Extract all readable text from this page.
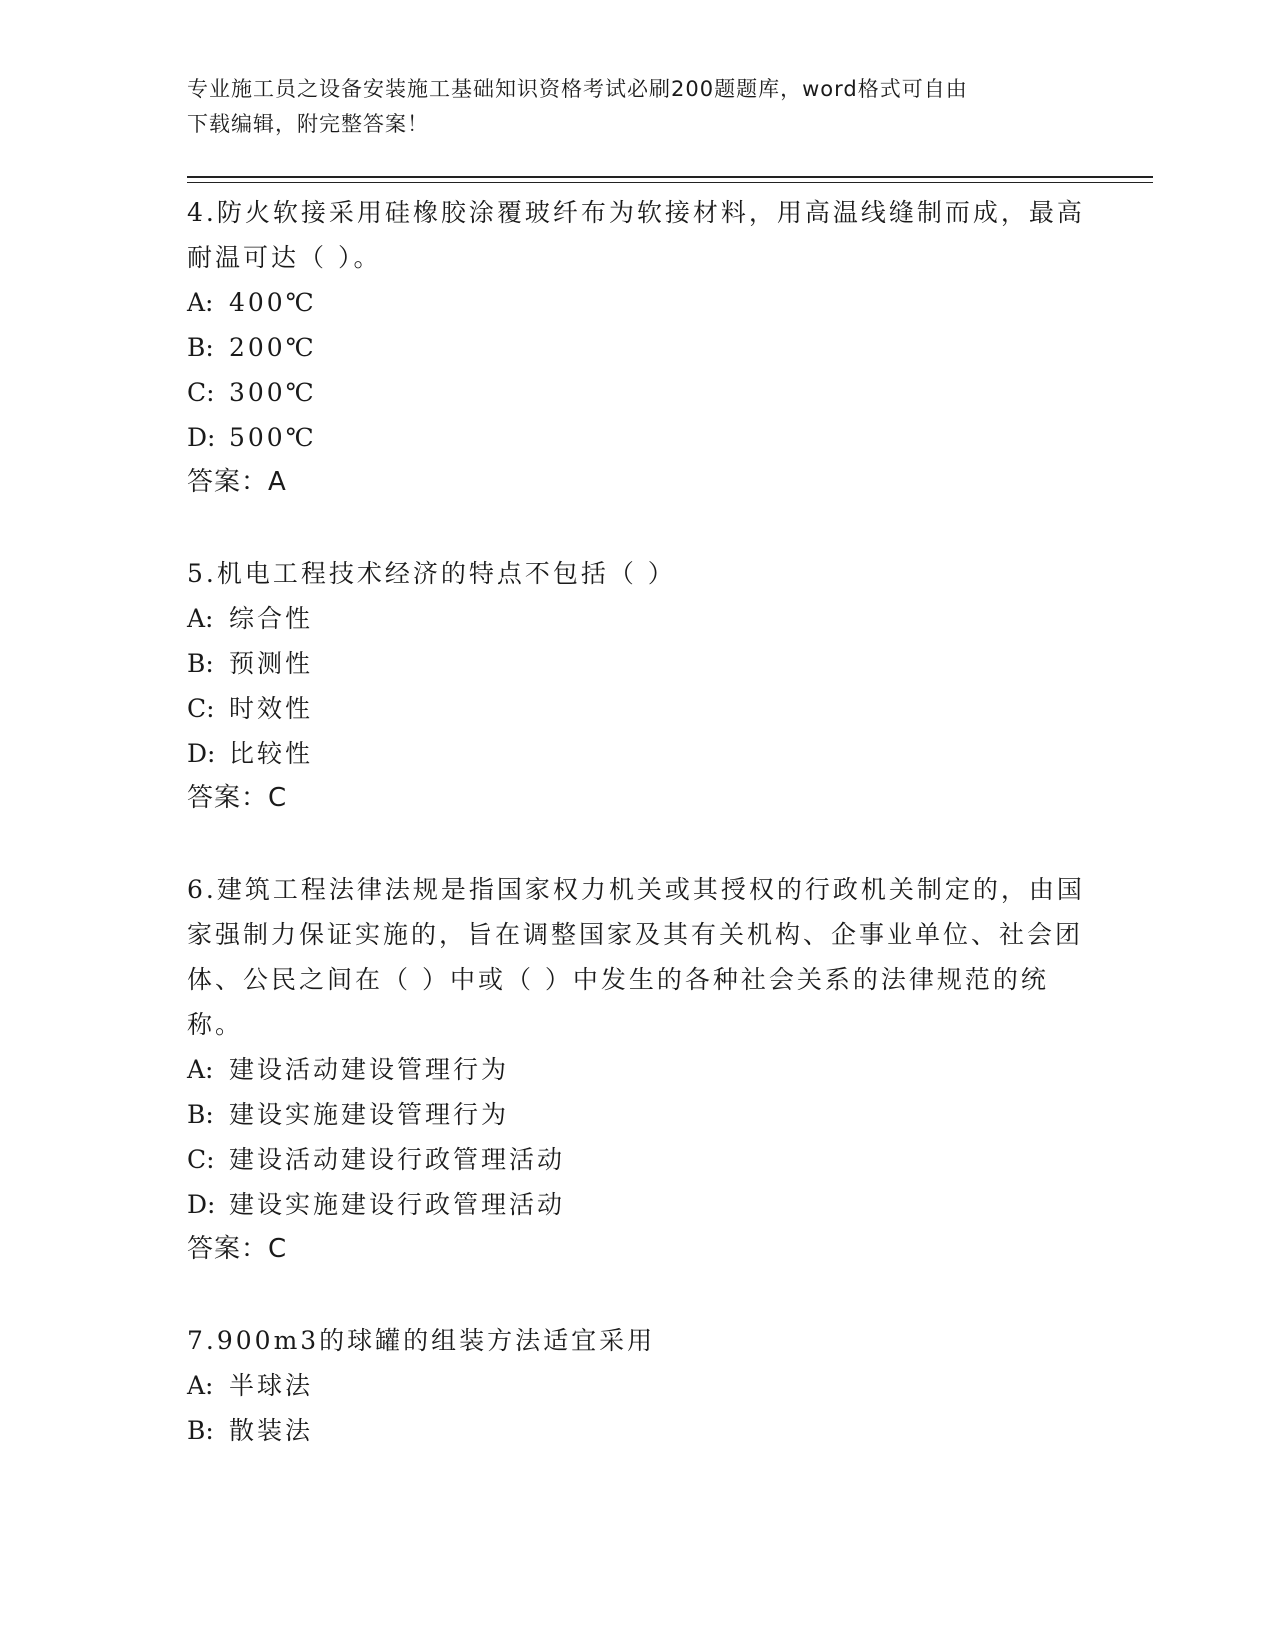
专业施工员之设备安装施工基础知识资格考试必刷200题题库，word格式可自由
下载编辑，附完整答案！

4.防火软接采用硅橡胶涂覆玻纤布为软接材料，用高温线缝制而成，最高耐温可达（ ）。

A: 400℃
B: 200℃
C: 300℃
D: 500℃
答案：A

5.机电工程技术经济的特点不包括（ ）

A: 综合性
B: 预测性
C: 时效性
D: 比较性
答案：C

6.建筑工程法律法规是指国家权力机关或其授权的行政机关制定的，由国家强制力保证实施的，旨在调整国家及其有关机构、企事业单位、社会团体、公民之间在（ ）中或（ ）中发生的各种社会关系的法律规范的统称。

A: 建设活动建设管理行为
B: 建设实施建设管理行为
C: 建设活动建设行政管理活动
D: 建设实施建设行政管理活动
答案：C

7.900m3的球罐的组装方法适宜采用

A: 半球法
B: 散装法
